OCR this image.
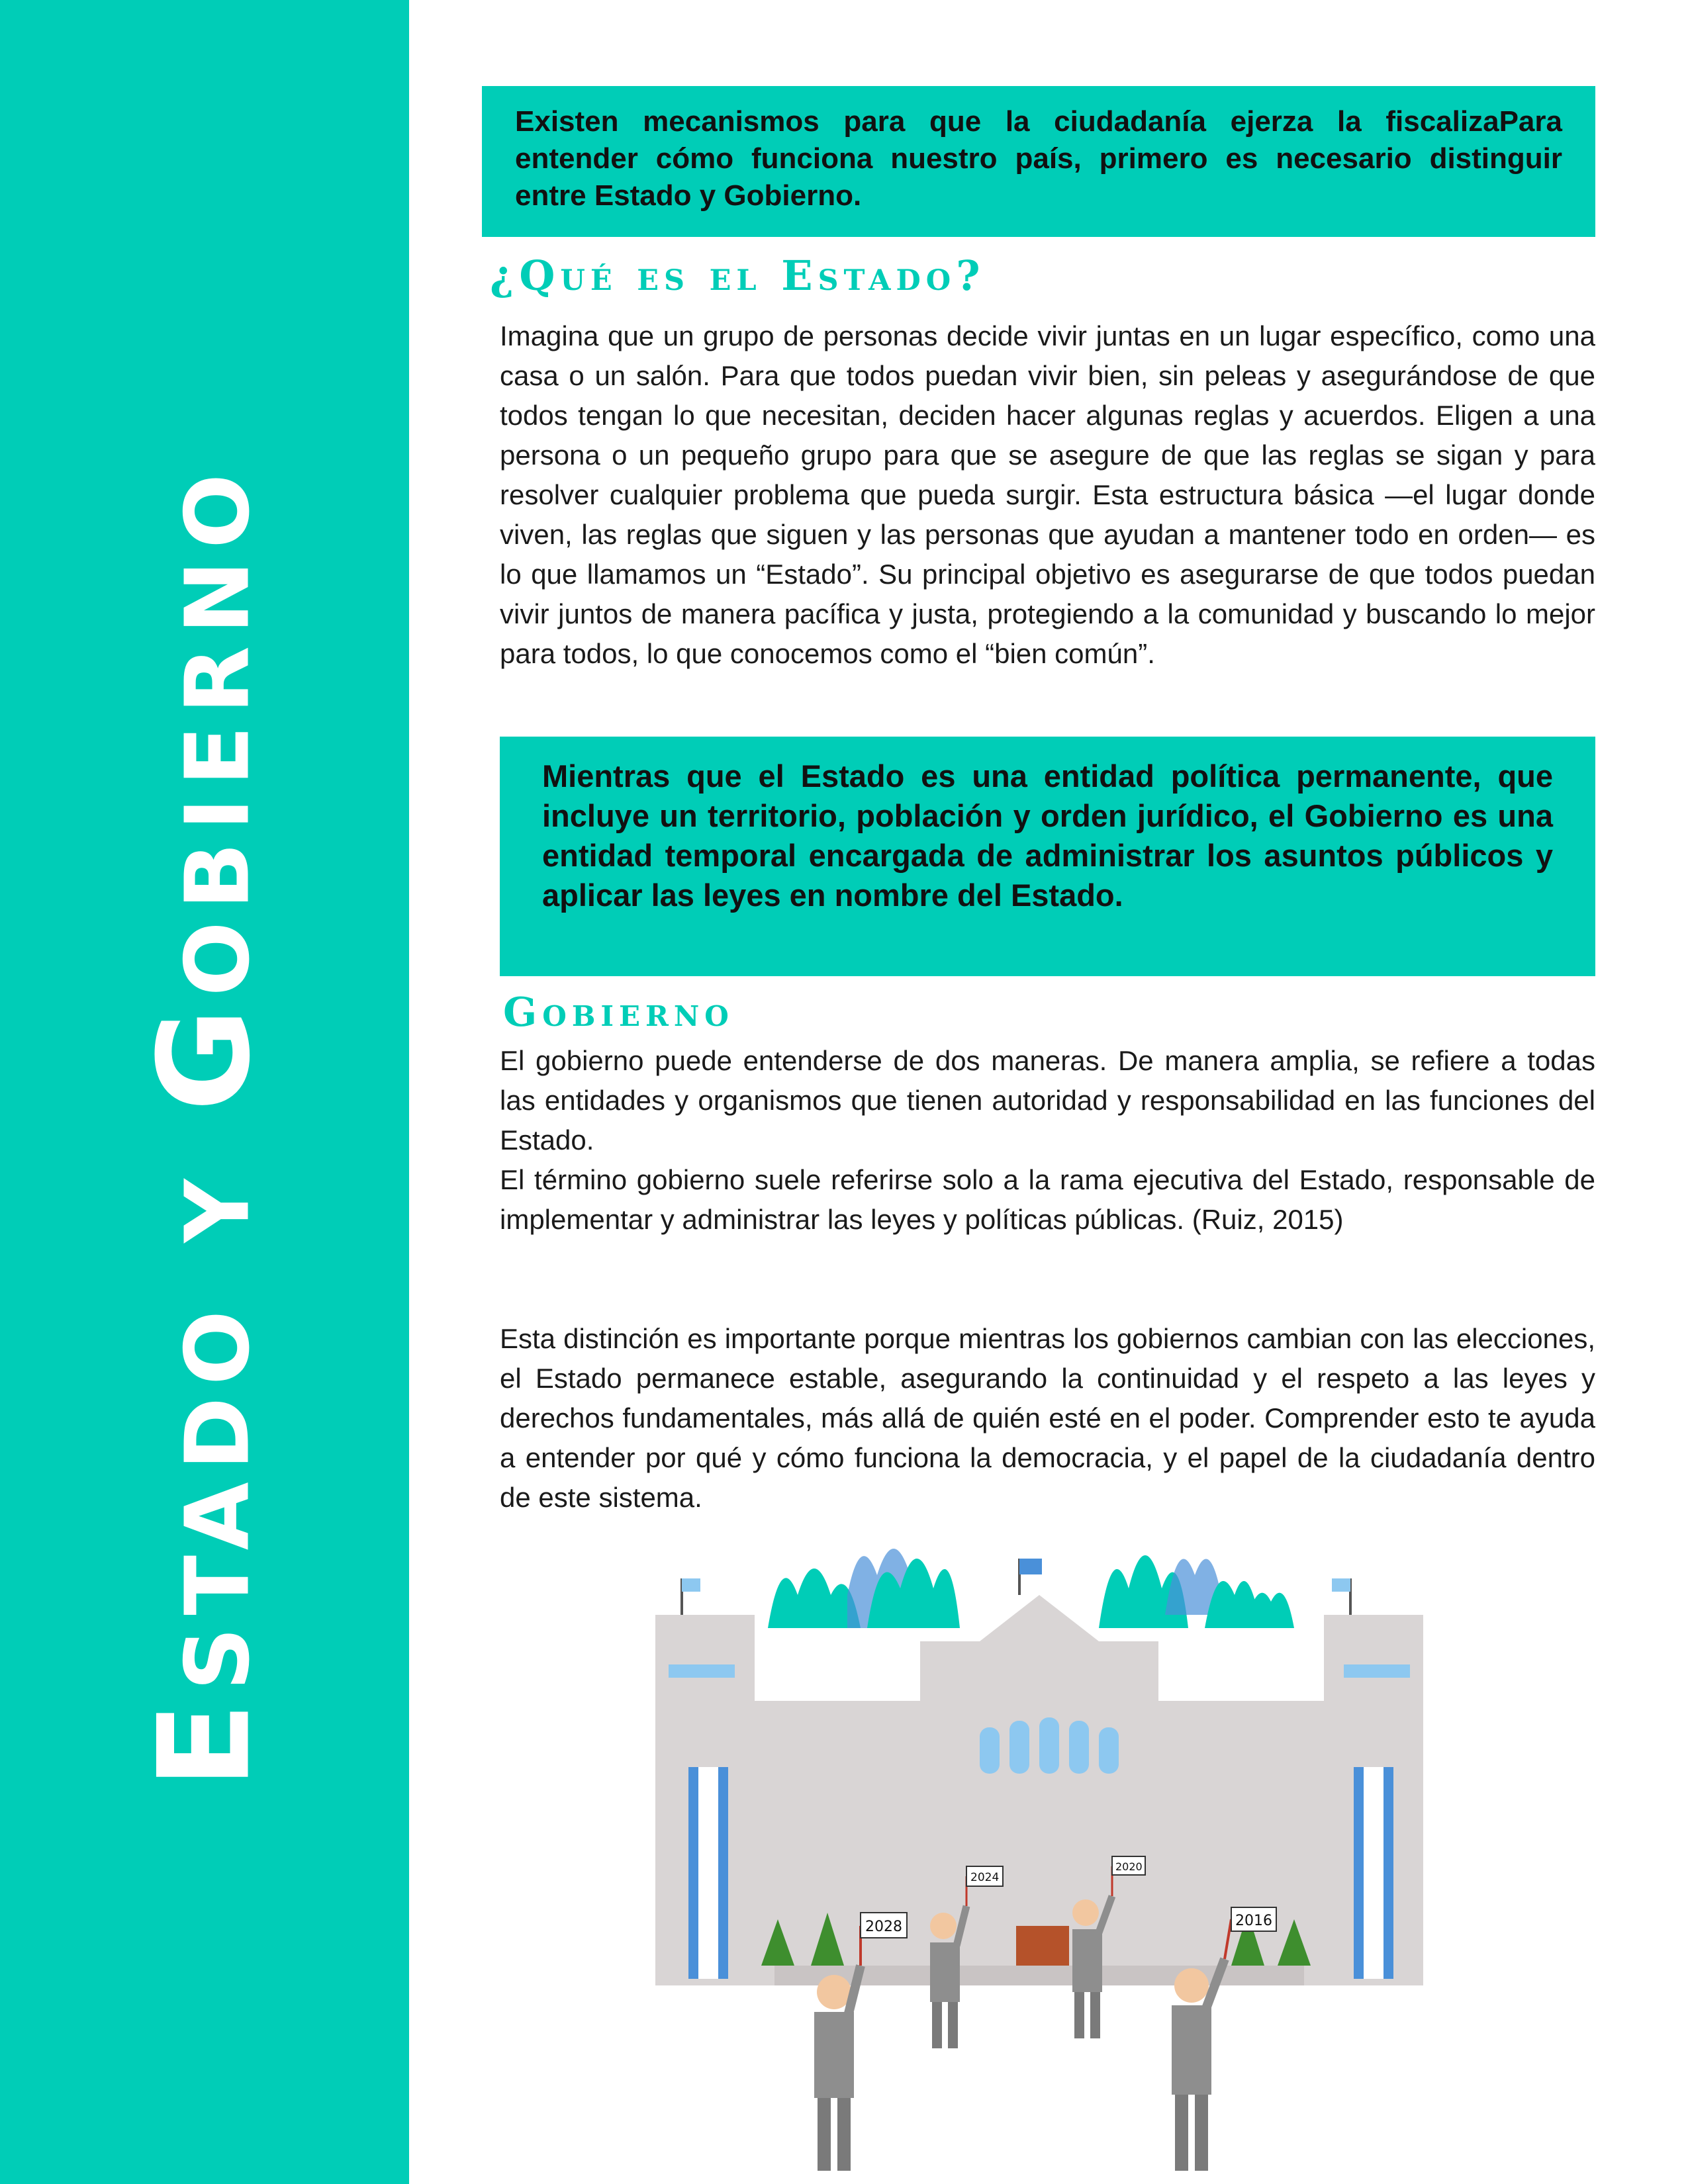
Estado y Gobierno
Existen mecanismos para que la ciudadanía ejerza la fiscalizaPara entender cómo funciona nuestro país, primero es necesario distinguir entre Estado y Gobierno.
¿Qué es el Estado?
Imagina que un grupo de personas decide vivir juntas en un lugar específico, como una casa o un salón. Para que todos puedan vivir bien, sin peleas y asegurándose de que todos tengan lo que necesitan, deciden hacer algunas reglas y acuerdos. Eligen a una persona o un pequeño grupo para que se asegure de que las reglas se sigan y para resolver cualquier problema que pueda surgir. Esta estructura básica —el lugar donde viven, las reglas que siguen y las personas que ayudan a mantener todo en orden— es lo que llamamos un “Estado”. Su principal objetivo es asegurarse de que todos puedan vivir juntos de manera pacífica y justa, protegiendo a la comunidad y buscando lo mejor para todos, lo que conocemos como el “bien común”.
Mientras que el Estado es una entidad política permanente, que incluye un territorio, población y orden jurídico, el Gobierno es una entidad temporal encargada de administrar los asuntos públicos y aplicar las leyes en nombre del Estado.
Gobierno
El gobierno puede entenderse de dos maneras. De manera amplia, se refiere a todas las entidades y organismos que tienen autoridad y responsabilidad en las funciones del Estado.
El término gobierno suele referirse solo a la rama ejecutiva del Estado, responsable de implementar y administrar las leyes y políticas públicas. (Ruiz, 2015)
Esta distinción es importante porque mientras los gobiernos cambian con las elecciones, el Estado permanece estable, asegurando la continuidad y el respeto a las leyes y derechos fundamentales, más allá de quién esté en el poder. Comprender esto te ayuda a entender por qué y cómo funciona la democracia, y el papel de la ciudadanía dentro de este sistema.
2028
2024
2020
2016
